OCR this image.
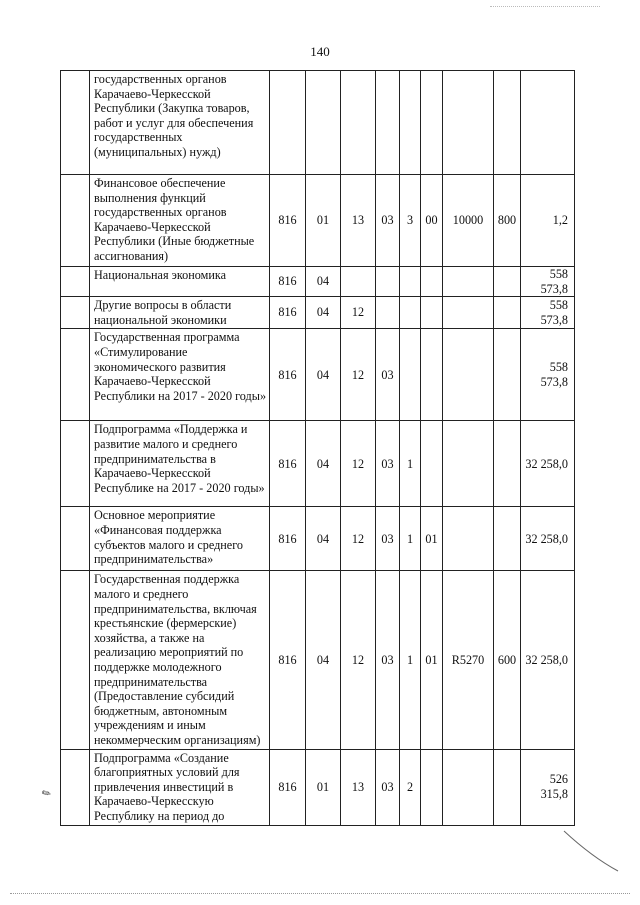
140
	государственных органов Карачаево-Черкесской Республики (Закупка товаров, работ и услуг для обеспечения государственных (муниципальных) нужд)									
	Финансовое обеспечение выполнения функций государственных органов Карачаево-Черкесской Республики (Иные бюджетные ассигнования)	816	01	13	03	3	00	10000	800	1,2
	Национальная экономика	816	04							558 573,8
	Другие вопросы в области национальной экономики	816	04	12						558 573,8
	Государственная программа «Стимулирование экономического развития Карачаево-Черкесской Республики на 2017 - 2020 годы»	816	04	12	03					558 573,8
	Подпрограмма «Поддержка и развитие малого и среднего предпринимательства в Карачаево-Черкесской Республике на 2017 - 2020 годы»	816	04	12	03	1				32 258,0
	Основное мероприятие «Финансовая поддержка субъектов малого и среднего предпринимательства»	816	04	12	03	1	01			32 258,0
	Государственная поддержка малого и среднего предпринимательства, включая крестьянские (фермерские) хозяйства, а также на реализацию мероприятий по поддержке молодежного предпринимательства (Предоставление субсидий бюджетным, автономным учреждениям и иным некоммерческим организациям)	816	04	12	03	1	01	R5270	600	32 258,0
	Подпрограмма «Создание благоприятных условий для привлечения инвестиций в Карачаево-Черкесскую Республику на период до	816	01	13	03	2				526 315,8
✎
